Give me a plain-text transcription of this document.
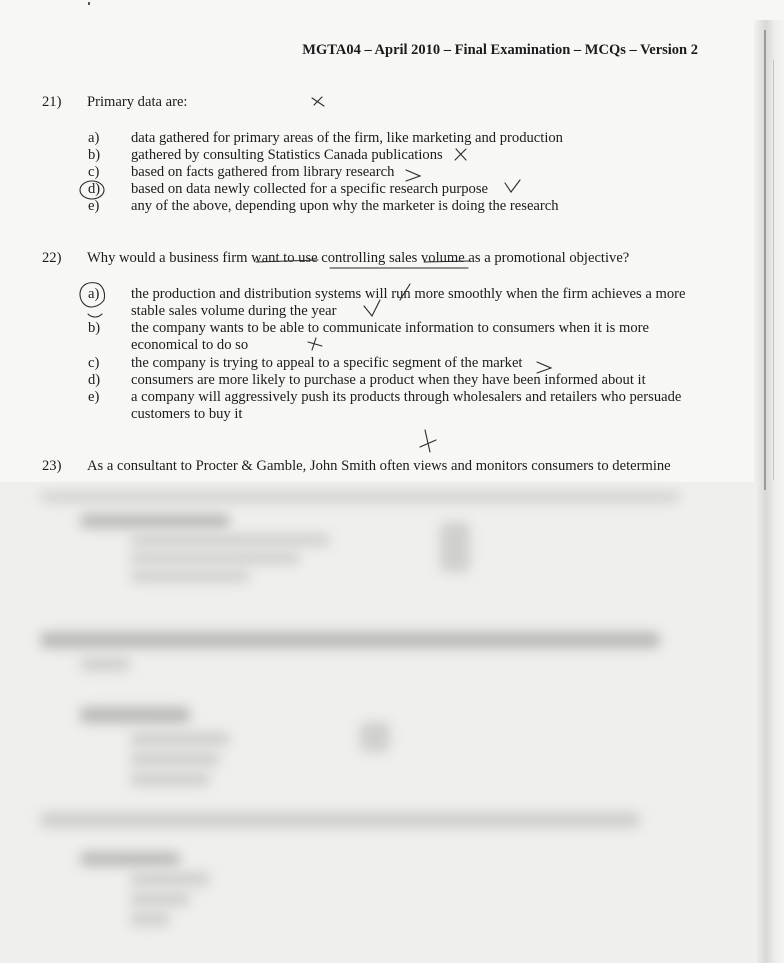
MGTA04 – April 2010 – Final Examination – MCQs – Version 2
21) Primary data are:
a) data gathered for primary areas of the firm, like marketing and production
b) gathered by consulting Statistics Canada publications
c) based on facts gathered from library research
d) based on data newly collected for a specific research purpose
e) any of the above, depending upon why the marketer is doing the research
22) Why would a business firm want to use controlling sales volume as a promotional objective?
a) the production and distribution systems will run more smoothly when the firm achieves a more stable sales volume during the year
b) the company wants to be able to communicate information to consumers when it is more economical to do so
c) the company is trying to appeal to a specific segment of the market
d) consumers are more likely to purchase a product when they have been informed about it
e) a company will aggressively push its products through wholesalers and retailers who persuade customers to buy it
23) As a consultant to Procter & Gamble, John Smith often views and monitors consumers to determine
